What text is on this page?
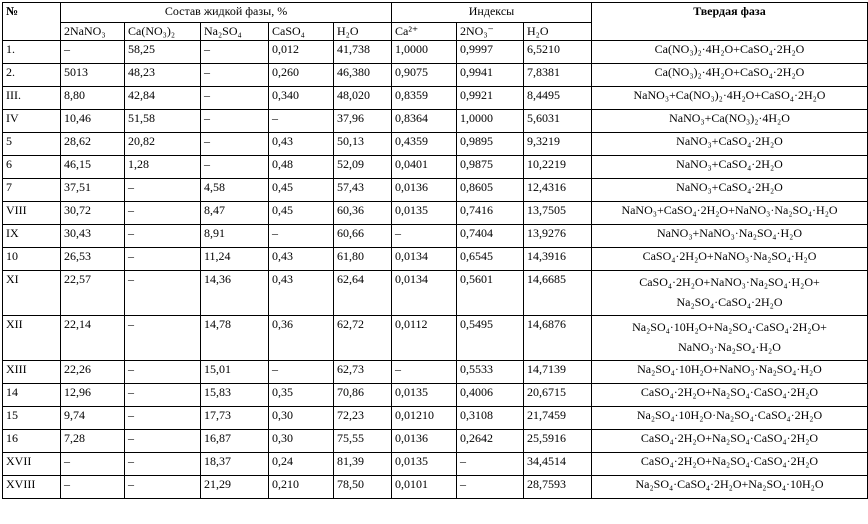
№	Состав жидкой фазы, %					Индексы			Твердая фаза
	2NaNO₃	Ca(NO₃)₂	Na₂SO₄	CaSO₄	H₂O	Ca²⁺	2NO₃⁻	H₂O	
1.	–	58,25	–	0,012	41,738	1,0000	0,9997	6,5210	Ca(NO₃)₂·4H₂O+CaSO₄·2H₂O
2.	5013	48,23	–	0,260	46,380	0,9075	0,9941	7,8381	Ca(NO₃)₂·4H₂O+CaSO₄·2H₂O
III.	8,80	42,84	–	0,340	48,020	0,8359	0,9921	8,4495	NaNO₃+Ca(NO₃)₂·4H₂O+CaSO₄·2H₂O
IV	10,46	51,58	–	–	37,96	0,8364	1,0000	5,6031	NaNO₃+Ca(NO₃)₂·4H₂O
5	28,62	20,82	–	0,43	50,13	0,4359	0,9895	9,3219	NaNO₃+CaSO₄·2H₂O
6	46,15	1,28	–	0,48	52,09	0,0401	0,9875	10,2219	NaNO₃+CaSO₄·2H₂O
7	37,51	–	4,58	0,45	57,43	0,0136	0,8605	12,4316	NaNO₃+CaSO₄·2H₂O
VIII	30,72	–	8,47	0,45	60,36	0,0135	0,7416	13,7505	NaNO₃+CaSO₄·2H₂O+NaNO₃·Na₂SO₄·H₂O
IX	30,43	–	8,91	–	60,66	–	0,7404	13,9276	NaNO₃+NaNO₃·Na₂SO₄·H₂O
10	26,53	–	11,24	0,43	61,80	0,0134	0,6545	14,3916	CaSO₄·2H₂O+NaNO₃·Na₂SO₄·H₂O
XI	22,57	–	14,36	0,43	62,64	0,0134	0,5601	14,6685	CaSO₄·2H₂O+NaNO₃·Na₂SO₄·H₂O+ Na₂SO₄·CaSO₄·2H₂O
XII	22,14	–	14,78	0,36	62,72	0,0112	0,5495	14,6876	Na₂SO₄·10H₂O+Na₂SO₄·CaSO₄·2H₂O+ NaNO₃·Na₂SO₄·H₂O
XIII	22,26	–	15,01	–	62,73	–	0,5533	14,7139	Na₂SO₄·10H₂O+NaNO₃·Na₂SO₄·H₂O
14	12,96	–	15,83	0,35	70,86	0,0135	0,4006	20,6715	CaSO₄·2H₂O+Na₂SO₄·CaSO₄·2H₂O
15	9,74	–	17,73	0,30	72,23	0,01210	0,3108	21,7459	Na₂SO₄·10H₂O·Na₂SO₄·CaSO₄·2H₂O
16	7,28	–	16,87	0,30	75,55	0,0136	0,2642	25,5916	CaSO₄·2H₂O+Na₂SO₄·CaSO₄·2H₂O
XVII	–	–	18,37	0,24	81,39	0,0135	–	34,4514	CaSO₄·2H₂O+Na₂SO₄·CaSO₄·2H₂O
XVIII	–	–	21,29	0,210	78,50	0,0101	–	28,7593	Na₂SO₄·CaSO₄·2H₂O+Na₂SO₄·10H₂O
